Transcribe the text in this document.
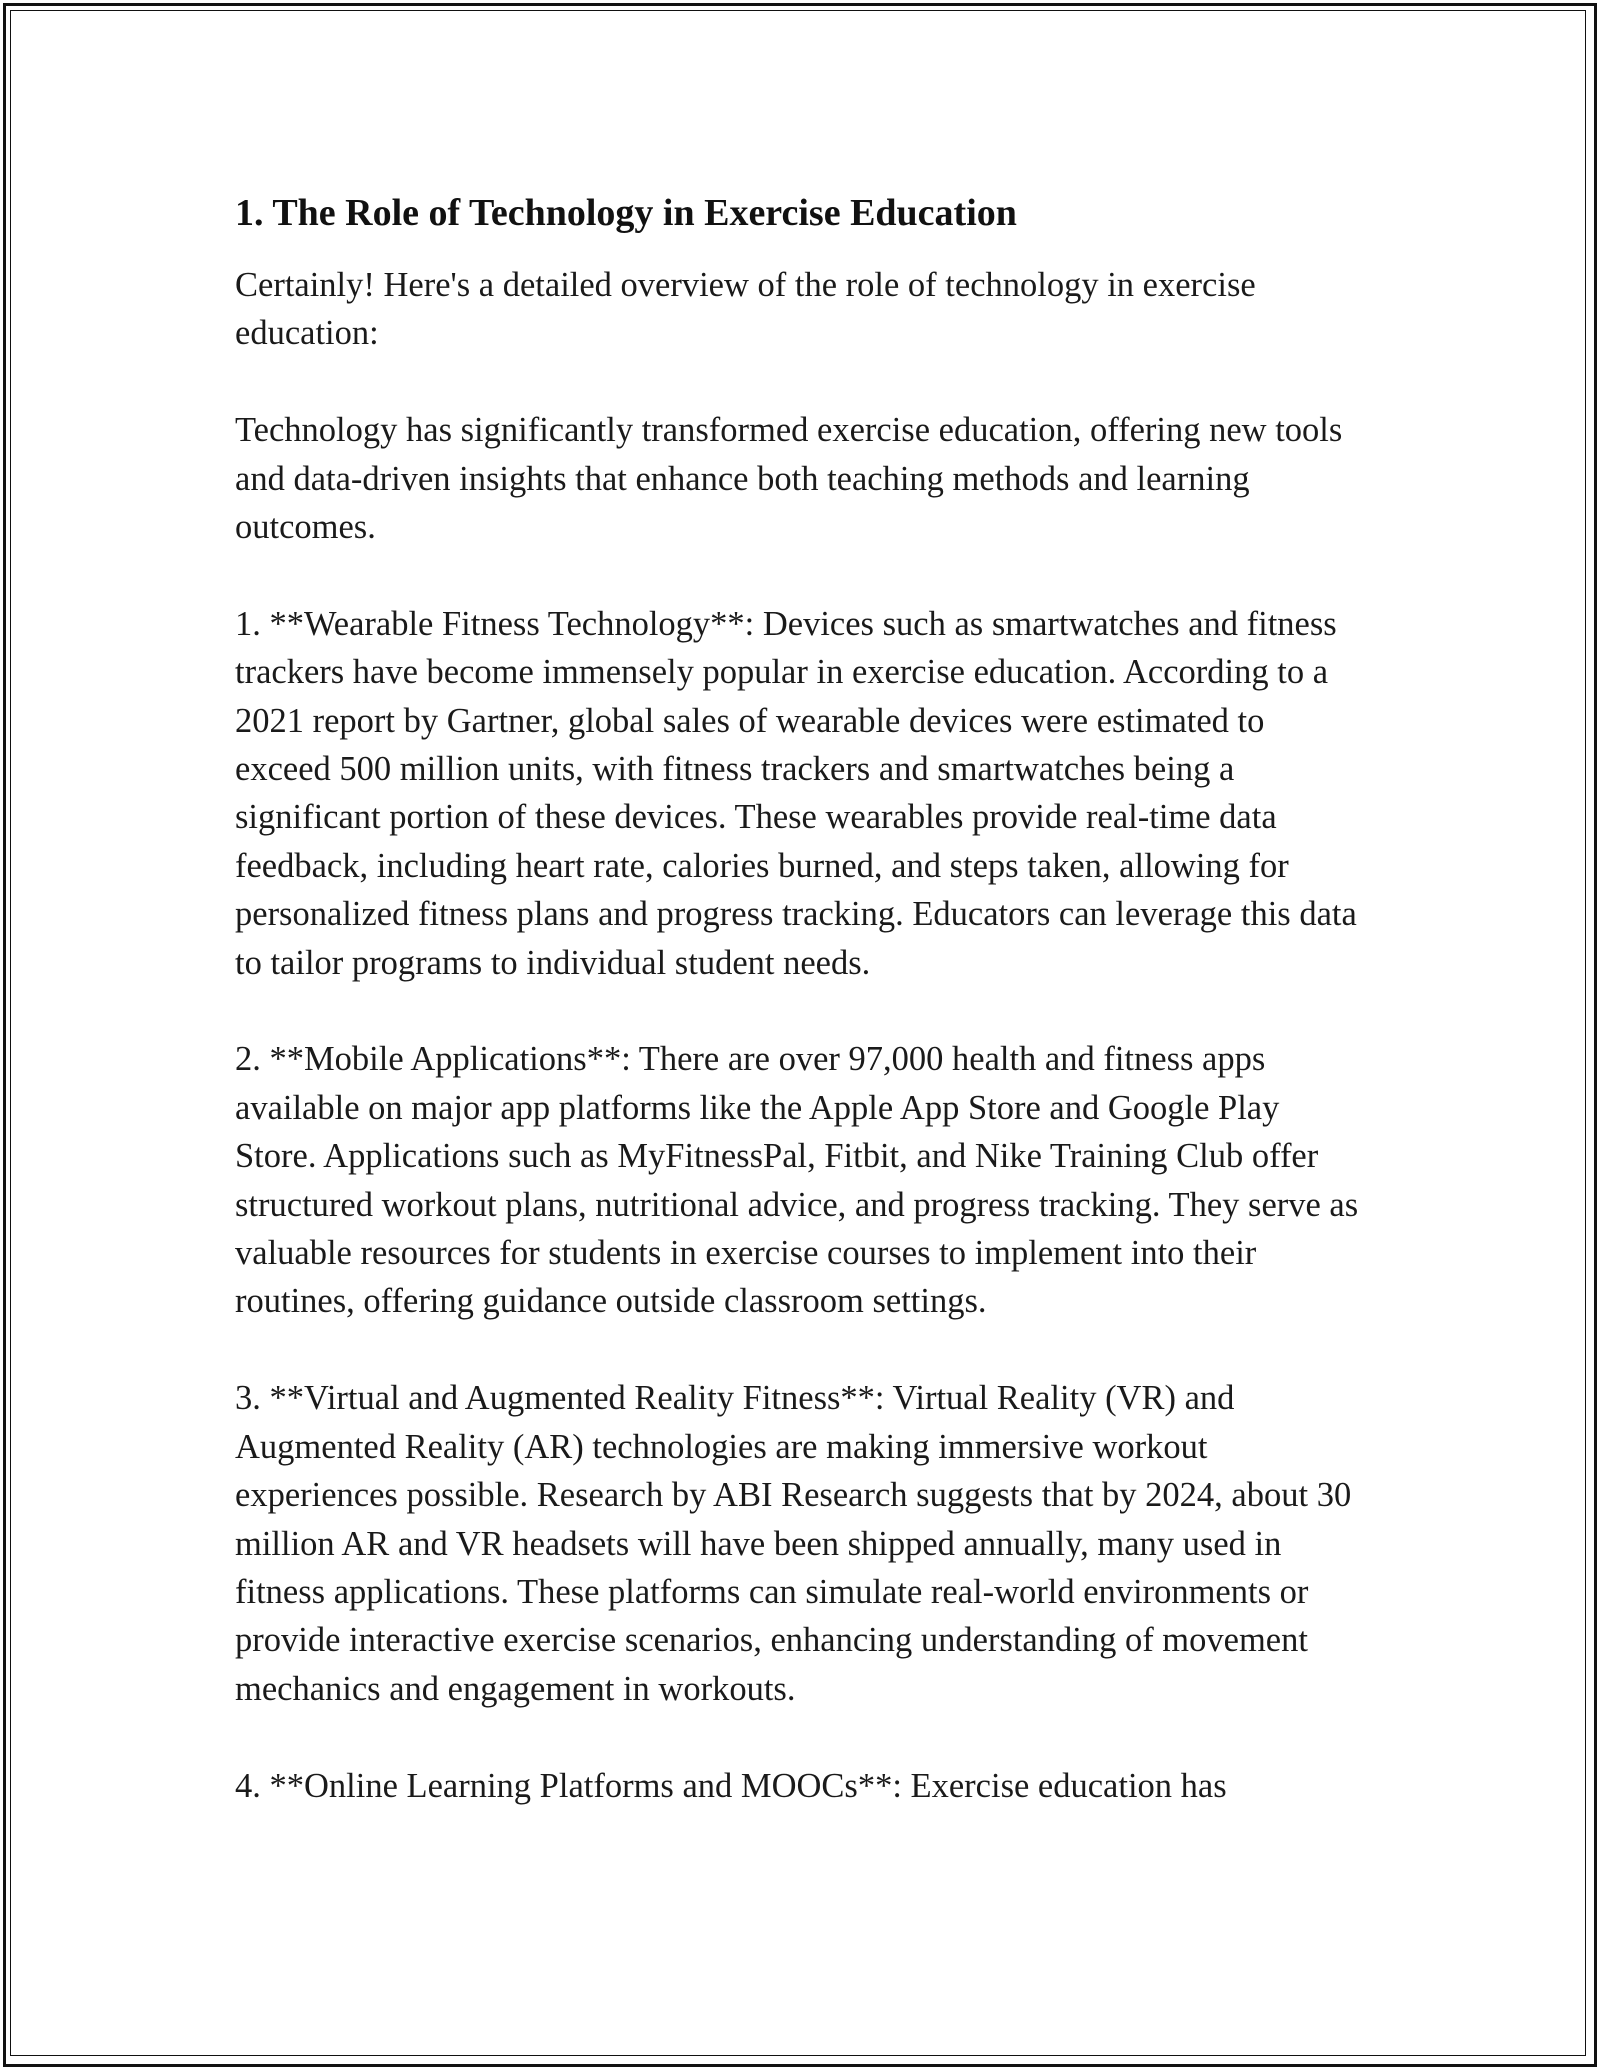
1. The Role of Technology in Exercise Education

Certainly! Here's a detailed overview of the role of technology in exercise education:

Technology has significantly transformed exercise education, offering new tools and data-driven insights that enhance both teaching methods and learning outcomes.

1. **Wearable Fitness Technology**: Devices such as smartwatches and fitness trackers have become immensely popular in exercise education. According to a 2021 report by Gartner, global sales of wearable devices were estimated to exceed 500 million units, with fitness trackers and smartwatches being a significant portion of these devices. These wearables provide real-time data feedback, including heart rate, calories burned, and steps taken, allowing for personalized fitness plans and progress tracking. Educators can leverage this data to tailor programs to individual student needs.

2. **Mobile Applications**: There are over 97,000 health and fitness apps available on major app platforms like the Apple App Store and Google Play Store. Applications such as MyFitnessPal, Fitbit, and Nike Training Club offer structured workout plans, nutritional advice, and progress tracking. They serve as valuable resources for students in exercise courses to implement into their routines, offering guidance outside classroom settings.

3. **Virtual and Augmented Reality Fitness**: Virtual Reality (VR) and Augmented Reality (AR) technologies are making immersive workout experiences possible. Research by ABI Research suggests that by 2024, about 30 million AR and VR headsets will have been shipped annually, many used in fitness applications. These platforms can simulate real-world environments or provide interactive exercise scenarios, enhancing understanding of movement mechanics and engagement in workouts.

4. **Online Learning Platforms and MOOCs**: Exercise education has
